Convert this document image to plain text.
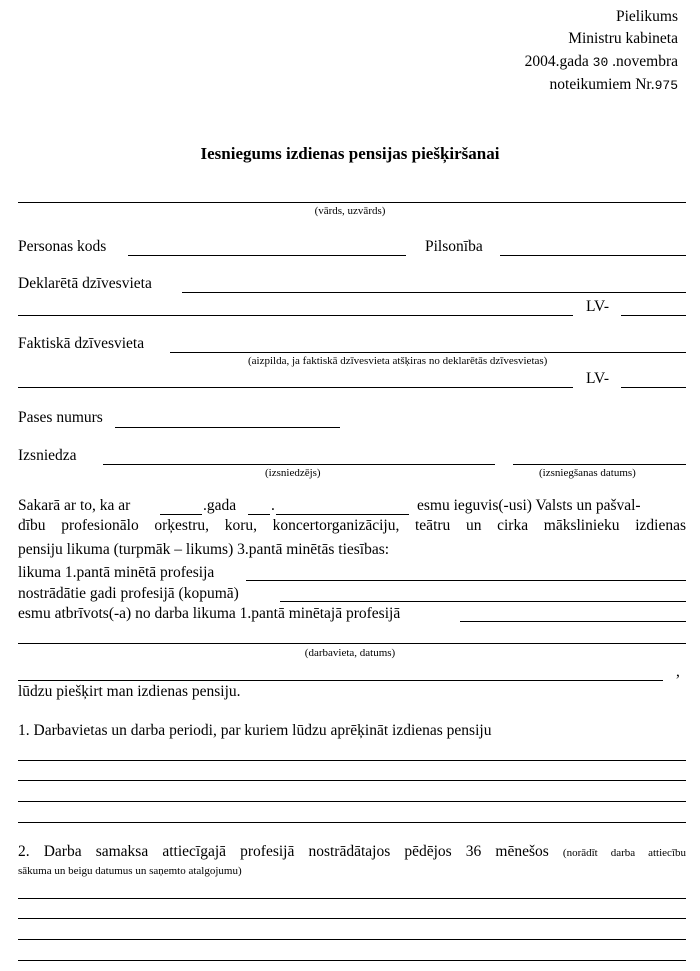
Pielikums
Ministru kabineta
2004.gada 30 .novembra
noteikumiem Nr.975
Iesniegums izdienas pensijas piešķiršanai
(vārds, uzvārds)
Personas kods	Pilsonība
Deklarētā dzīvesvieta
LV-
Faktiskā dzīvesvieta
(aizpilda, ja faktiskā dzīvesvieta atšķiras no deklarētās dzīvesvietas)
LV-
Pases numurs
Izsniedza
(izsniedzējs)	(izsniegšanas datums)
Sakarā ar to, ka ar	.gada .	esmu ieguvis(-usi) Valsts un pašval-
dību profesionālo orķestru, koru, koncertorganizāciju, teātru un cirka mākslinieku izdienas
pensiju likuma (turpmāk – likums) 3.pantā minētās tiesības:
likuma 1.pantā minētā profesija
nostrādātie gadi profesijā (kopumā)
esmu atbrīvots(-a) no darba likuma 1.pantā minētajā profesijā
(darbavieta, datums)
,
lūdzu piešķirt man izdienas pensiju.
1. Darbavietas un darba periodi, par kuriem lūdzu aprēķināt izdienas pensiju
2. Darba samaksa attiecīgajā profesijā nostrādātajos pēdējos 36 mēnešos (norādīt darba attiecību
sākuma un beigu datumus un saņemto atalgojumu)
